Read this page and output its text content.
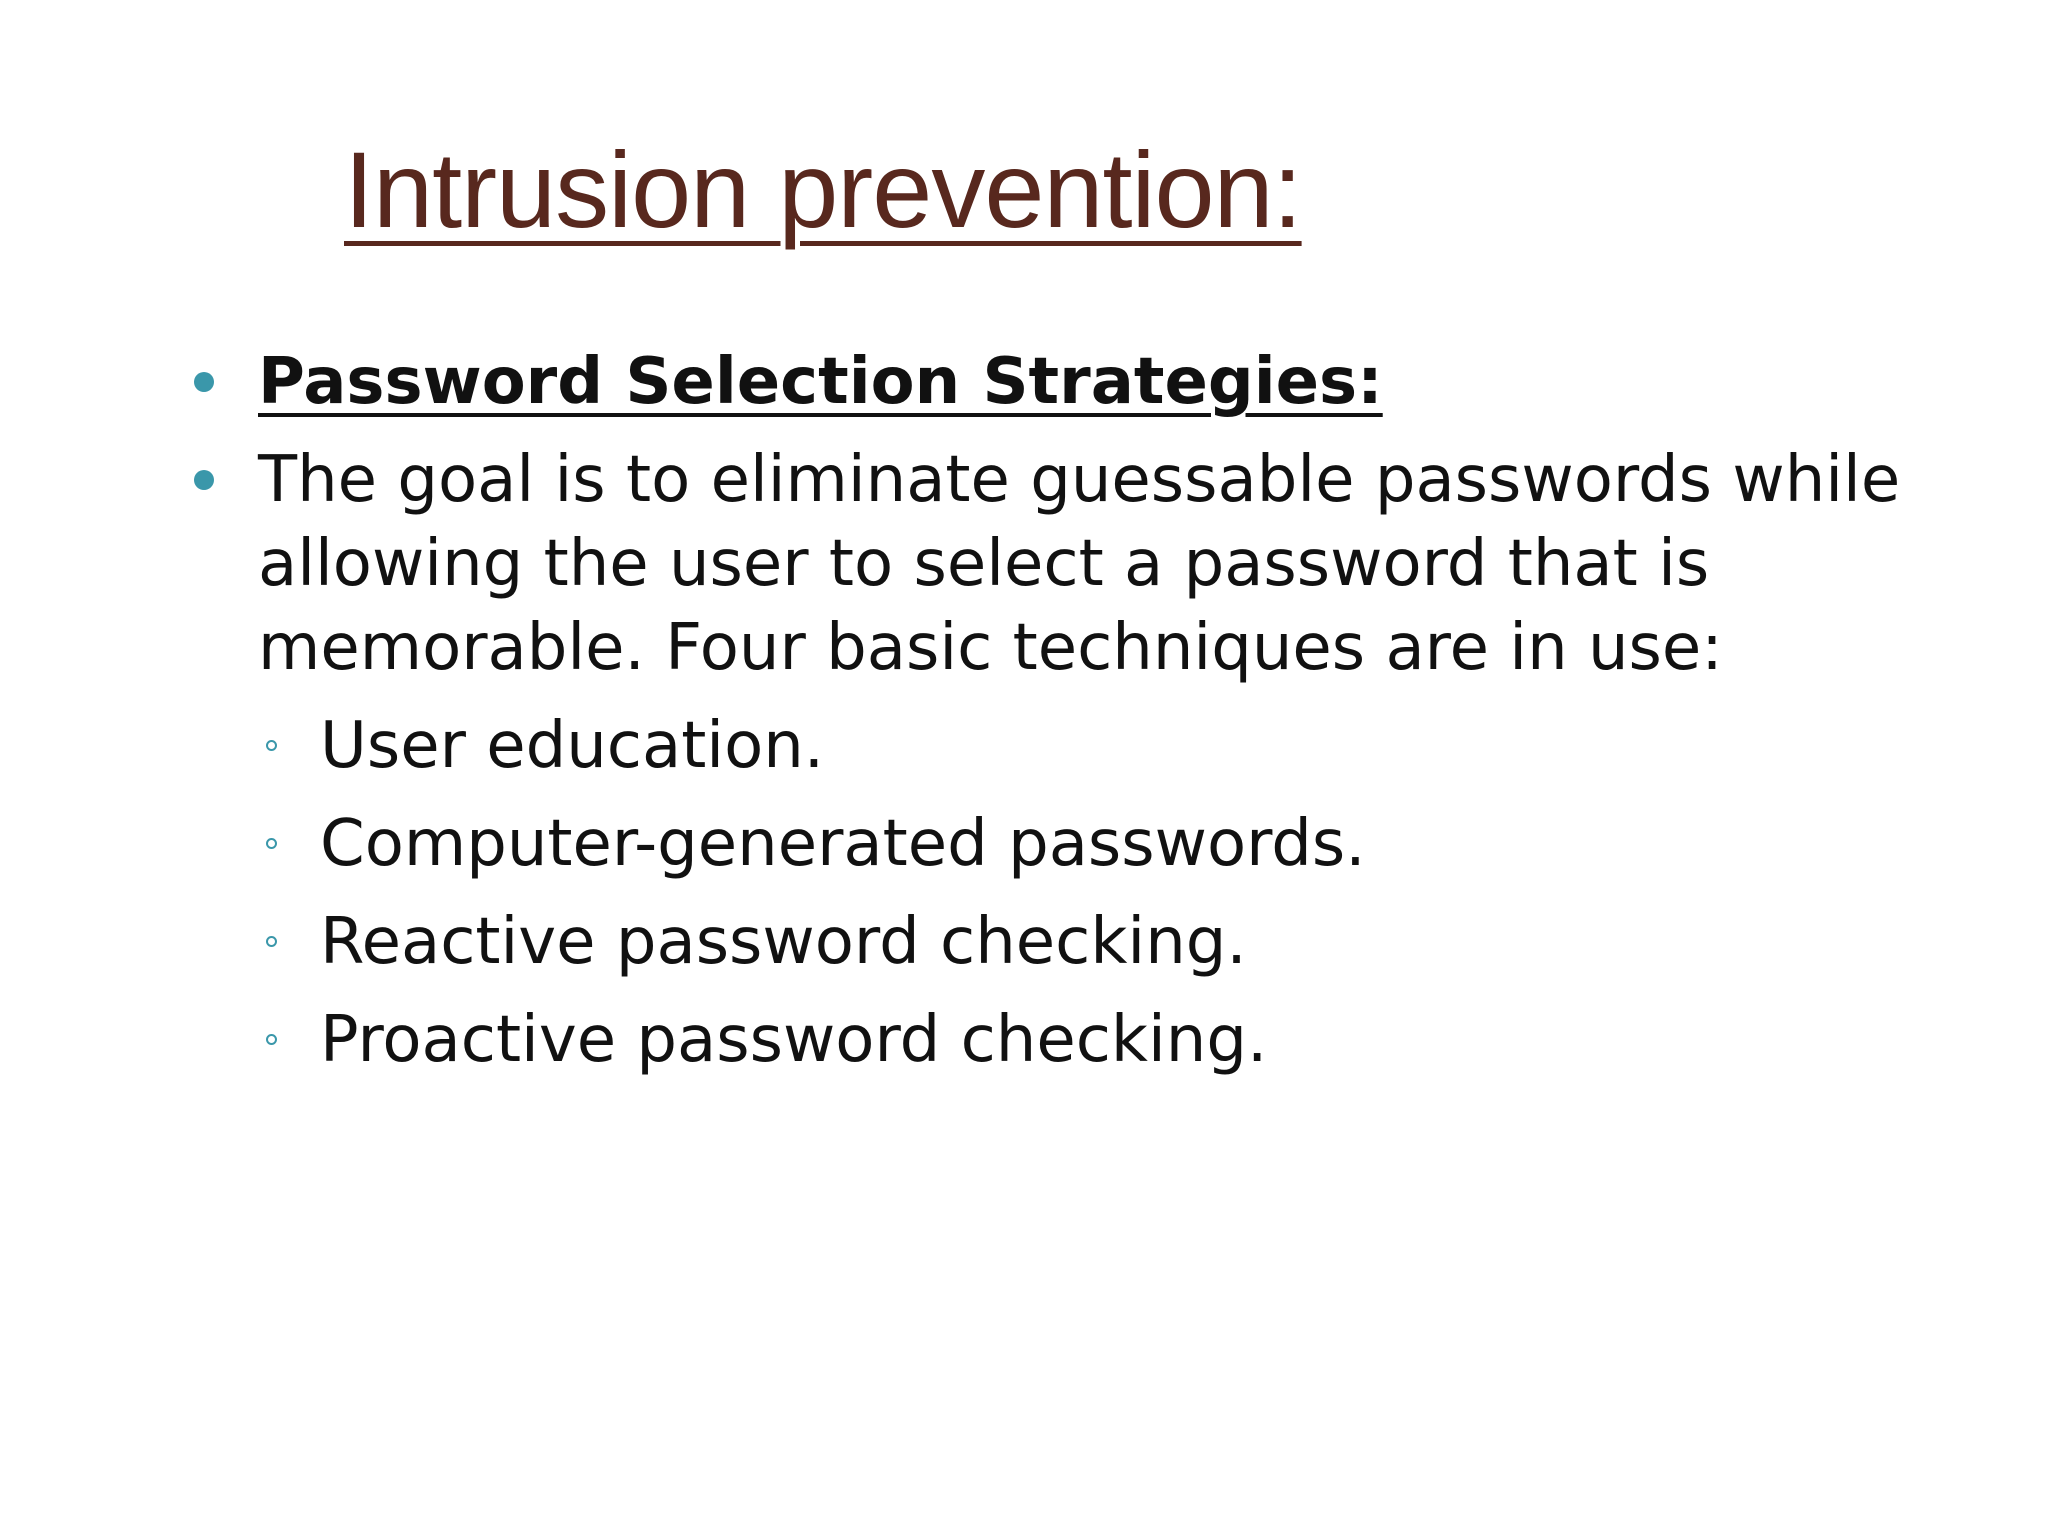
Intrusion prevention:
Password Selection Strategies:
The goal is to eliminate guessable passwords while allowing the user to select a password that is memorable. Four basic techniques are in use:
User education.
Computer-generated passwords.
Reactive password checking.
Proactive password checking.
